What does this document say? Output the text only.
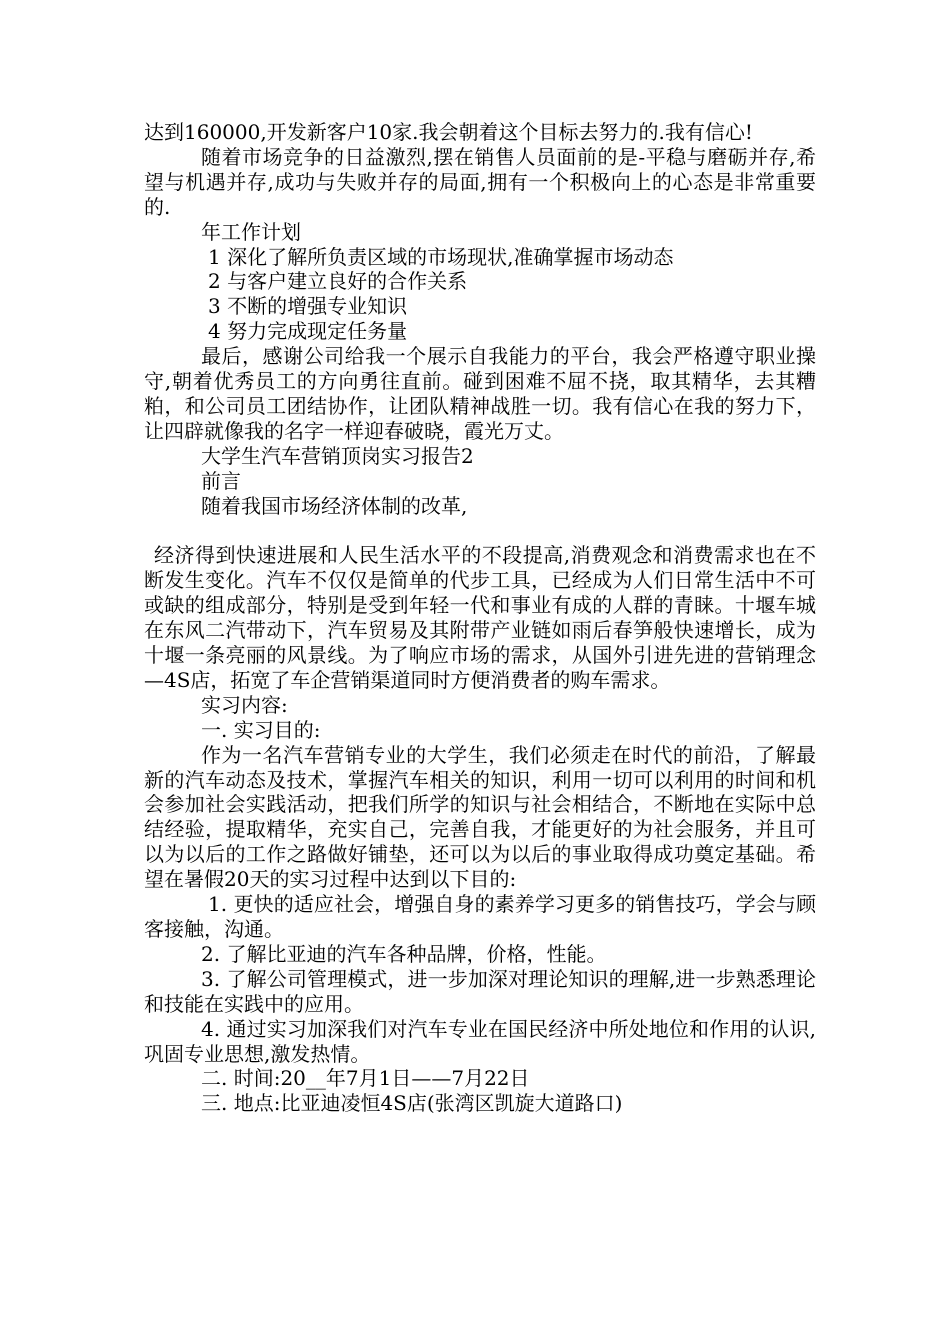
达到160000,开发新客户10家.我会朝着这个目标去努力的.我有信心!

随着市场竞争的日益激烈,摆在销售人员面前的是-平稳与磨砺并存,希望与机遇并存,成功与失败并存的局面,拥有一个积极向上的心态是非常重要的.

年工作计划

1 深化了解所负责区域的市场现状,准确掌握市场动态

2 与客户建立良好的合作关系

3 不断的增强专业知识

4 努力完成现定任务量

最后，感谢公司给我一个展示自我能力的平台，我会严格遵守职业操守,朝着优秀员工的方向勇往直前。碰到困难不屈不挠，取其精华，去其糟粕，和公司员工团结协作，让团队精神战胜一切。我有信心在我的努力下，让四辟就像我的名字一样迎春破晓，霞光万丈。

大学生汽车营销顶岗实习报告2

前言

随着我国市场经济体制的改革,

经济得到快速进展和人民生活水平的不段提高,消费观念和消费需求也在不断发生变化。汽车不仅仅是简单的代步工具，已经成为人们日常生活中不可或缺的组成部分，特别是受到年轻一代和事业有成的人群的青睐。十堰车城在东风二汽带动下，汽车贸易及其附带产业链如雨后春笋般快速增长，成为十堰一条亮丽的风景线。为了响应市场的需求，从国外引进先进的营销理念—4S店，拓宽了车企营销渠道同时方便消费者的购车需求。

实习内容:

一. 实习目的:

作为一名汽车营销专业的大学生，我们必须走在时代的前沿，了解最新的汽车动态及技术，掌握汽车相关的知识，利用一切可以利用的时间和机会参加社会实践活动，把我们所学的知识与社会相结合，不断地在实际中总结经验，提取精华，充实自己，完善自我，才能更好的为社会服务，并且可以为以后的工作之路做好铺垫，还可以为以后的事业取得成功奠定基础。希望在暑假20天的实习过程中达到以下目的:

1. 更快的适应社会，增强自身的素养学习更多的销售技巧，学会与顾客接触，沟通。

2. 了解比亚迪的汽车各种品牌，价格，性能。

3. 了解公司管理模式，进一步加深对理论知识的理解,进一步熟悉理论和技能在实践中的应用。

4. 通过实习加深我们对汽车专业在国民经济中所处地位和作用的认识,巩固专业思想,激发热情。

二. 时间:20__年7月1日——7月22日

三. 地点:比亚迪凌恒4S店(张湾区凯旋大道路口)
